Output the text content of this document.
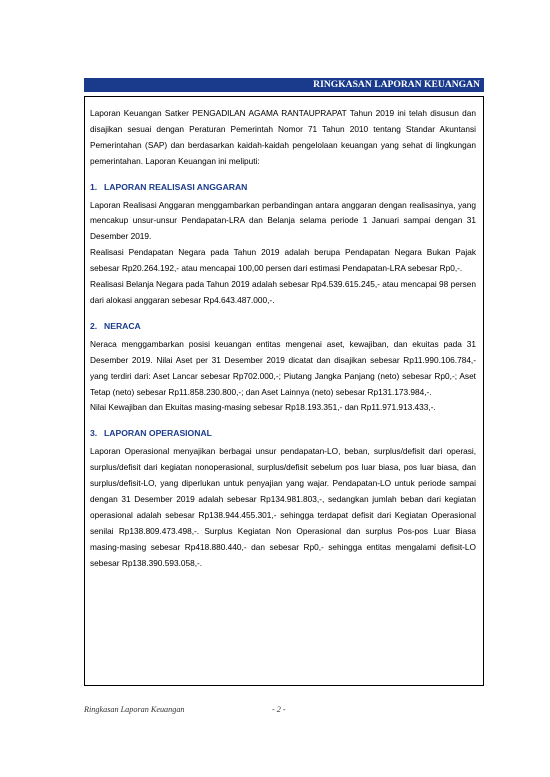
RINGKASAN LAPORAN KEUANGAN

Laporan Keuangan Satker PENGADILAN AGAMA RANTAUPRAPAT Tahun 2019 ini telah disusun dan disajikan sesuai dengan Peraturan Pemerintah Nomor 71 Tahun 2010 tentang Standar Akuntansi Pemerintahan (SAP) dan berdasarkan kaidah-kaidah pengelolaan keuangan yang sehat di lingkungan pemerintahan. Laporan Keuangan ini meliputi:

1. LAPORAN REALISASI ANGGARAN

Laporan Realisasi Anggaran menggambarkan perbandingan antara anggaran dengan realisasinya, yang mencakup unsur-unsur Pendapatan-LRA dan Belanja selama periode 1 Januari sampai dengan 31 Desember 2019.

Realisasi Pendapatan Negara pada Tahun 2019 adalah berupa Pendapatan Negara Bukan Pajak sebesar Rp20.264.192,- atau mencapai 100,00 persen dari estimasi Pendapatan-LRA sebesar Rp0,-.

Realisasi Belanja Negara pada Tahun 2019 adalah sebesar Rp4.539.615.245,- atau mencapai 98 persen dari alokasi anggaran sebesar Rp4.643.487.000,-.

2. NERACA

Neraca menggambarkan posisi keuangan entitas mengenai aset, kewajiban, dan ekuitas pada 31 Desember 2019. Nilai Aset per 31 Desember 2019 dicatat dan disajikan sebesar Rp11.990.106.784,- yang terdiri dari: Aset Lancar sebesar Rp702.000,-; Piutang Jangka Panjang (neto) sebesar Rp0,-; Aset Tetap (neto) sebesar Rp11.858.230.800,-; dan Aset Lainnya (neto) sebesar Rp131.173.984,-.

Nilai Kewajiban dan Ekuitas masing-masing sebesar Rp18.193.351,- dan Rp11.971.913.433,-.

3. LAPORAN OPERASIONAL

Laporan Operasional menyajikan berbagai unsur pendapatan-LO, beban, surplus/defisit dari operasi, surplus/defisit dari kegiatan nonoperasional, surplus/defisit sebelum pos luar biasa, pos luar biasa, dan surplus/defisit-LO, yang diperlukan untuk penyajian yang wajar. Pendapatan-LO untuk periode sampai dengan 31 Desember 2019 adalah sebesar Rp134.981.803,-, sedangkan jumlah beban dari kegiatan operasional adalah sebesar Rp138.944.455.301,- sehingga terdapat defisit dari Kegiatan Operasional senilai Rp138.809.473.498,-. Surplus Kegiatan Non Operasional dan surplus Pos-pos Luar Biasa masing-masing sebesar Rp418.880.440,- dan sebesar Rp0,- sehingga entitas mengalami defisit-LO sebesar Rp138.390.593.058,-.

Ringkasan Laporan Keuangan	- 2 -
